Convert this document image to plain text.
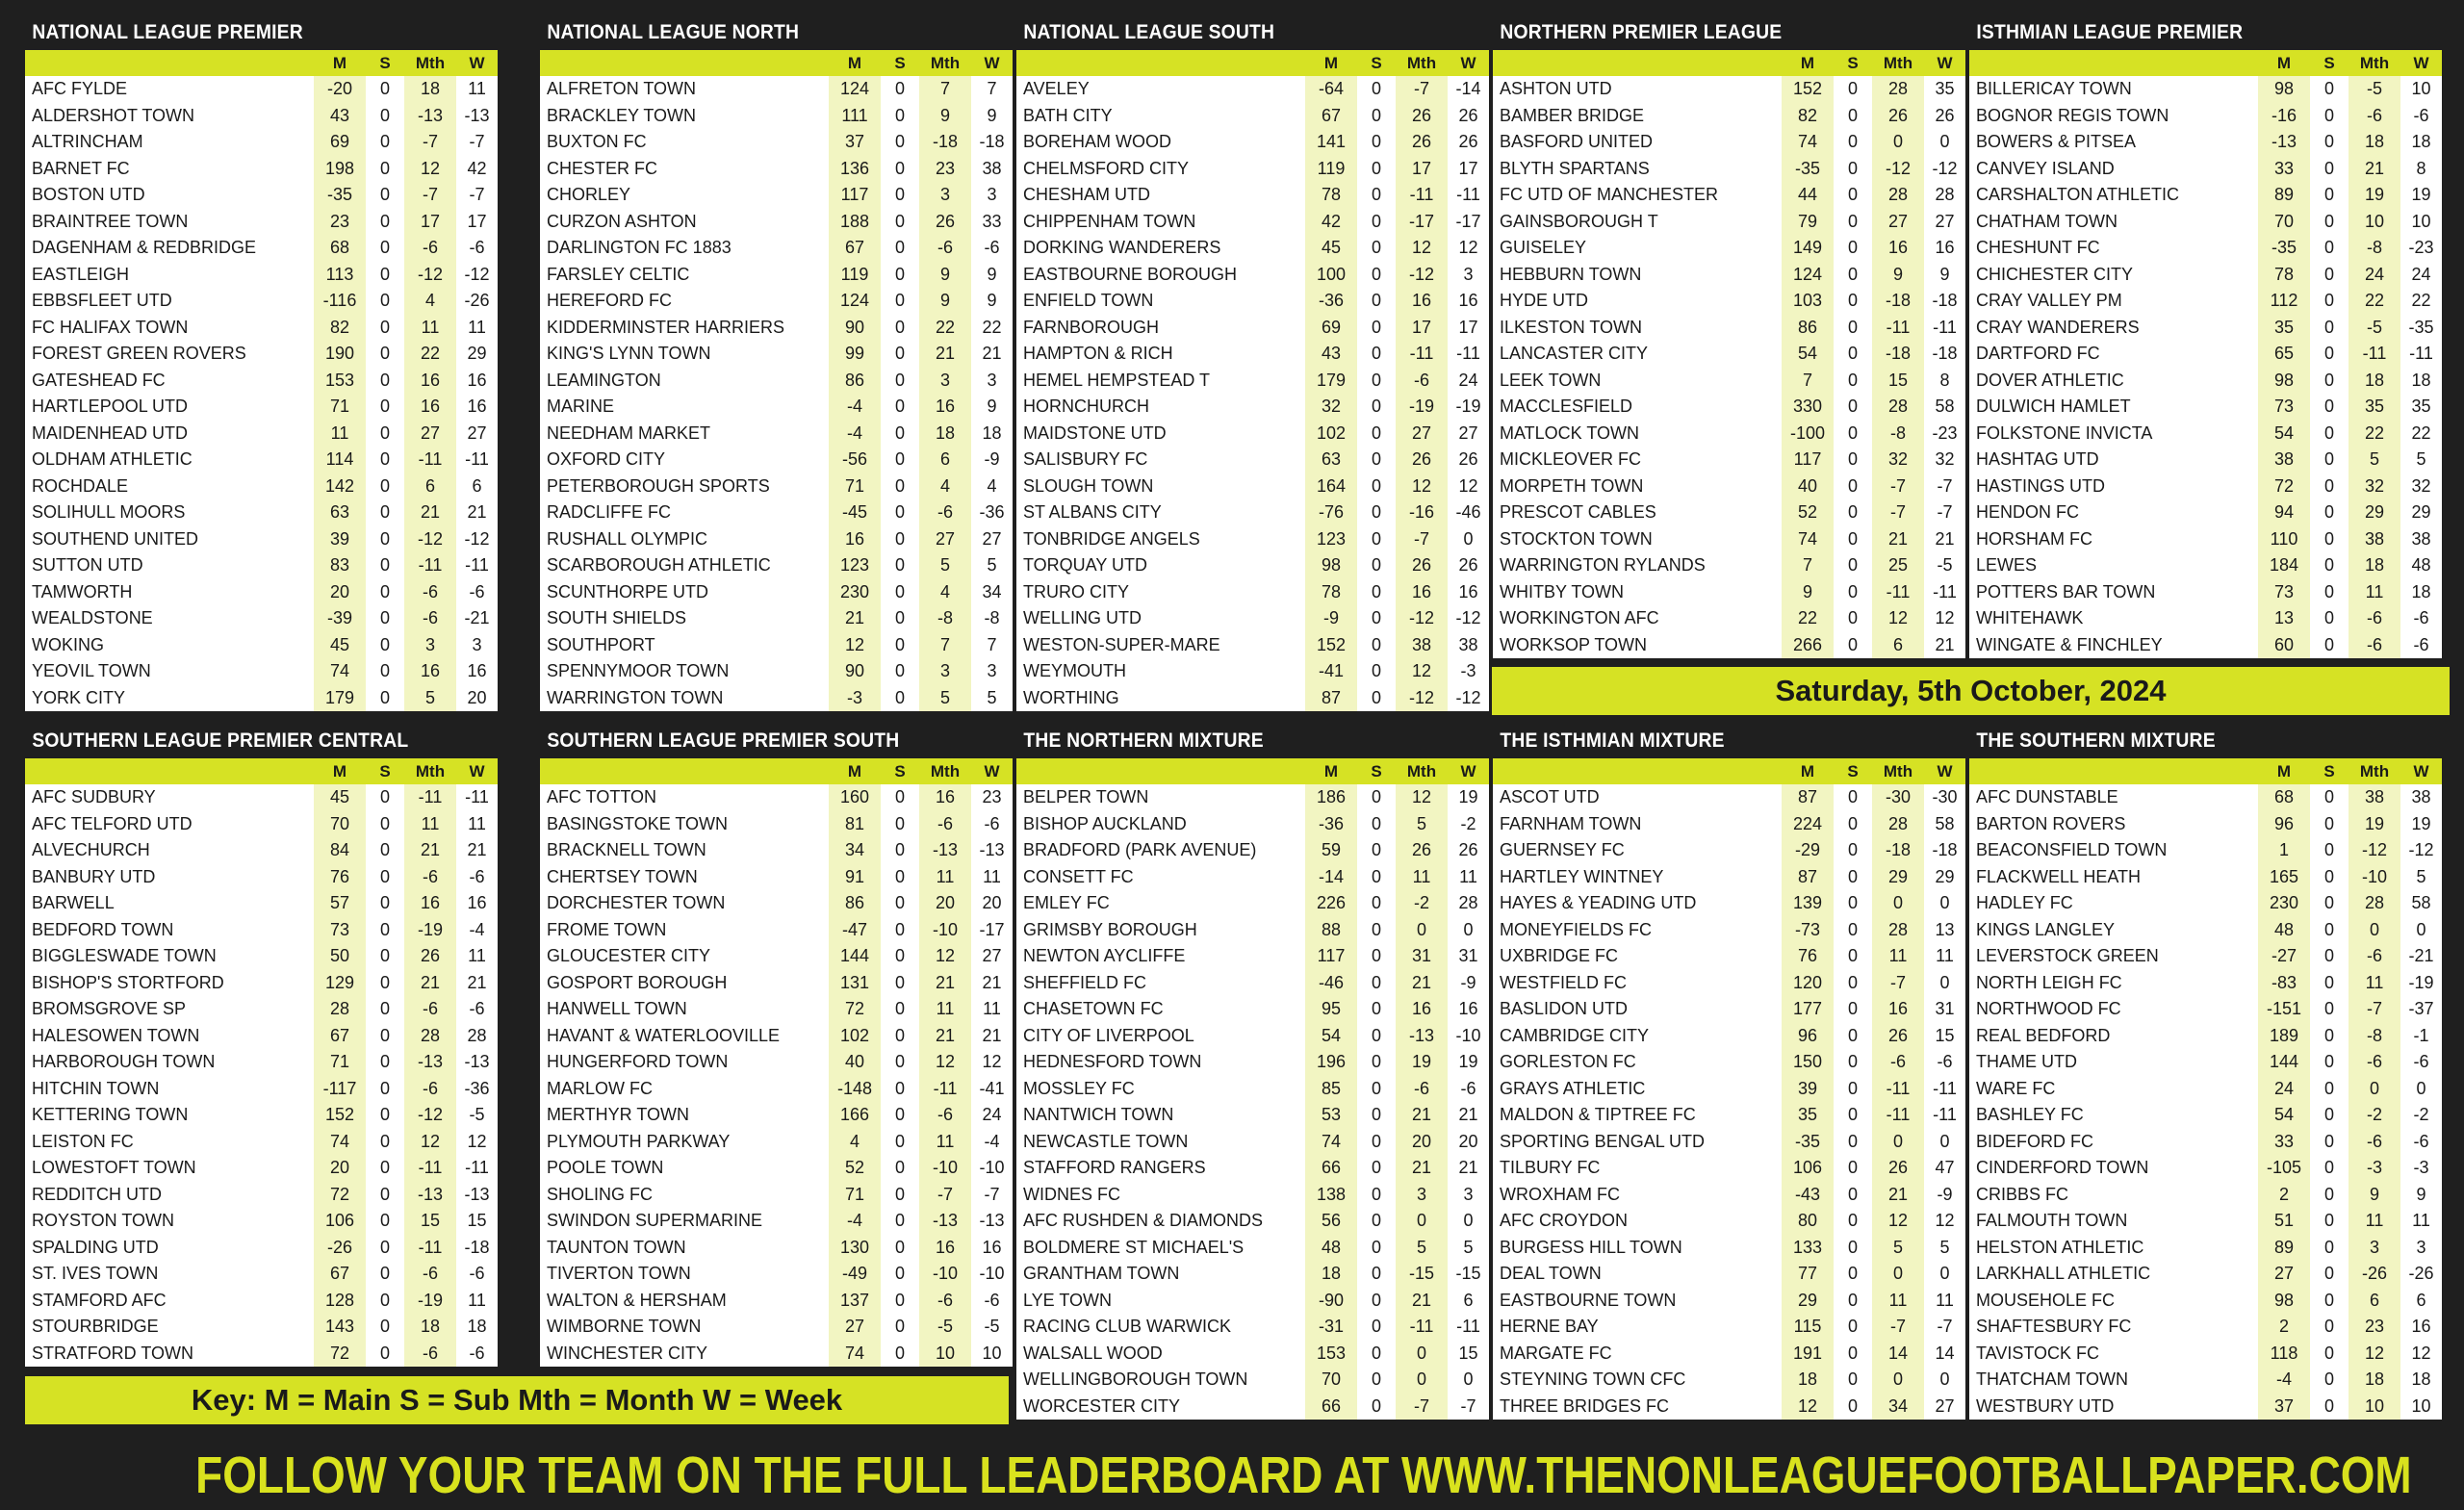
NATIONAL LEAGUE PREMIER
M	S	Mth	W
AFC FYLDE	-20	0	18	11
ALDERSHOT TOWN	43	0	-13	-13
ALTRINCHAM	69	0	-7	-7
BARNET FC	198	0	12	42
BOSTON UTD	-35	0	-7	-7
BRAINTREE TOWN	23	0	17	17
DAGENHAM & REDBRIDGE	68	0	-6	-6
EASTLEIGH	113	0	-12	-12
EBBSFLEET UTD	-116	0	4	-26
FC HALIFAX TOWN	82	0	11	11
FOREST GREEN ROVERS	190	0	22	29
GATESHEAD FC	153	0	16	16
HARTLEPOOL UTD	71	0	16	16
MAIDENHEAD UTD	11	0	27	27
OLDHAM ATHLETIC	114	0	-11	-11
ROCHDALE	142	0	6	6
SOLIHULL MOORS	63	0	21	21
SOUTHEND UNITED	39	0	-12	-12
SUTTON UTD	83	0	-11	-11
TAMWORTH	20	0	-6	-6
WEALDSTONE	-39	0	-6	-21
WOKING	45	0	3	3
YEOVIL TOWN	74	0	16	16
YORK CITY	179	0	5	20
NATIONAL LEAGUE NORTH
M	S	Mth	W
ALFRETON TOWN	124	0	7	7
BRACKLEY TOWN	111	0	9	9
BUXTON FC	37	0	-18	-18
CHESTER FC	136	0	23	38
CHORLEY	117	0	3	3
CURZON ASHTON	188	0	26	33
DARLINGTON FC 1883	67	0	-6	-6
FARSLEY CELTIC	119	0	9	9
HEREFORD FC	124	0	9	9
KIDDERMINSTER HARRIERS	90	0	22	22
KING'S LYNN TOWN	99	0	21	21
LEAMINGTON	86	0	3	3
MARINE	-4	0	16	9
NEEDHAM MARKET	-4	0	18	18
OXFORD CITY	-56	0	6	-9
PETERBOROUGH SPORTS	71	0	4	4
RADCLIFFE FC	-45	0	-6	-36
RUSHALL OLYMPIC	16	0	27	27
SCARBOROUGH ATHLETIC	123	0	5	5
SCUNTHORPE UTD	230	0	4	34
SOUTH SHIELDS	21	0	-8	-8
SOUTHPORT	12	0	7	7
SPENNYMOOR TOWN	90	0	3	3
WARRINGTON TOWN	-3	0	5	5
NATIONAL LEAGUE SOUTH
M	S	Mth	W
AVELEY	-64	0	-7	-14
BATH CITY	67	0	26	26
BOREHAM WOOD	141	0	26	26
CHELMSFORD CITY	119	0	17	17
CHESHAM UTD	78	0	-11	-11
CHIPPENHAM TOWN	42	0	-17	-17
DORKING WANDERERS	45	0	12	12
EASTBOURNE BOROUGH	100	0	-12	3
ENFIELD TOWN	-36	0	16	16
FARNBOROUGH	69	0	17	17
HAMPTON & RICH	43	0	-11	-11
HEMEL HEMPSTEAD T	179	0	-6	24
HORNCHURCH	32	0	-19	-19
MAIDSTONE UTD	102	0	27	27
SALISBURY FC	63	0	26	26
SLOUGH TOWN	164	0	12	12
ST ALBANS CITY	-76	0	-16	-46
TONBRIDGE ANGELS	123	0	-7	0
TORQUAY UTD	98	0	26	26
TRURO CITY	78	0	16	16
WELLING UTD	-9	0	-12	-12
WESTON-SUPER-MARE	152	0	38	38
WEYMOUTH	-41	0	12	-3
WORTHING	87	0	-12	-12
NORTHERN PREMIER LEAGUE
M	S	Mth	W
ASHTON UTD	152	0	28	35
BAMBER BRIDGE	82	0	26	26
BASFORD UNITED	74	0	0	0
BLYTH SPARTANS	-35	0	-12	-12
FC UTD OF MANCHESTER	44	0	28	28
GAINSBOROUGH T	79	0	27	27
GUISELEY	149	0	16	16
HEBBURN TOWN	124	0	9	9
HYDE UTD	103	0	-18	-18
ILKESTON TOWN	86	0	-11	-11
LANCASTER CITY	54	0	-18	-18
LEEK TOWN	7	0	15	8
MACCLESFIELD	330	0	28	58
MATLOCK TOWN	-100	0	-8	-23
MICKLEOVER FC	117	0	32	32
MORPETH TOWN	40	0	-7	-7
PRESCOT CABLES	52	0	-7	-7
STOCKTON TOWN	74	0	21	21
WARRINGTON RYLANDS	7	0	25	-5
WHITBY TOWN	9	0	-11	-11
WORKINGTON AFC	22	0	12	12
WORKSOP TOWN	266	0	6	21
ISTHMIAN LEAGUE PREMIER
M	S	Mth	W
BILLERICAY TOWN	98	0	-5	10
BOGNOR REGIS TOWN	-16	0	-6	-6
BOWERS & PITSEA	-13	0	18	18
CANVEY ISLAND	33	0	21	8
CARSHALTON ATHLETIC	89	0	19	19
CHATHAM TOWN	70	0	10	10
CHESHUNT FC	-35	0	-8	-23
CHICHESTER CITY	78	0	24	24
CRAY VALLEY PM	112	0	22	22
CRAY WANDERERS	35	0	-5	-35
DARTFORD FC	65	0	-11	-11
DOVER ATHLETIC	98	0	18	18
DULWICH HAMLET	73	0	35	35
FOLKSTONE INVICTA	54	0	22	22
HASHTAG UTD	38	0	5	5
HASTINGS UTD	72	0	32	32
HENDON FC	94	0	29	29
HORSHAM FC	110	0	38	38
LEWES	184	0	18	48
POTTERS BAR TOWN	73	0	11	18
WHITEHAWK	13	0	-6	-6
WINGATE & FINCHLEY	60	0	-6	-6
SOUTHERN LEAGUE PREMIER CENTRAL
M	S	Mth	W
AFC SUDBURY	45	0	-11	-11
AFC TELFORD UTD	70	0	11	11
ALVECHURCH	84	0	21	21
BANBURY UTD	76	0	-6	-6
BARWELL	57	0	16	16
BEDFORD TOWN	73	0	-19	-4
BIGGLESWADE TOWN	50	0	26	11
BISHOP'S STORTFORD	129	0	21	21
BROMSGROVE SP	28	0	-6	-6
HALESOWEN TOWN	67	0	28	28
HARBOROUGH TOWN	71	0	-13	-13
HITCHIN TOWN	-117	0	-6	-36
KETTERING TOWN	152	0	-12	-5
LEISTON FC	74	0	12	12
LOWESTOFT TOWN	20	0	-11	-11
REDDITCH UTD	72	0	-13	-13
ROYSTON TOWN	106	0	15	15
SPALDING UTD	-26	0	-11	-18
ST. IVES TOWN	67	0	-6	-6
STAMFORD AFC	128	0	-19	11
STOURBRIDGE	143	0	18	18
STRATFORD TOWN	72	0	-6	-6
SOUTHERN LEAGUE PREMIER SOUTH
M	S	Mth	W
AFC TOTTON	160	0	16	23
BASINGSTOKE TOWN	81	0	-6	-6
BRACKNELL TOWN	34	0	-13	-13
CHERTSEY TOWN	91	0	11	11
DORCHESTER TOWN	86	0	20	20
FROME TOWN	-47	0	-10	-17
GLOUCESTER CITY	144	0	12	27
GOSPORT BOROUGH	131	0	21	21
HANWELL TOWN	72	0	11	11
HAVANT & WATERLOOVILLE	102	0	21	21
HUNGERFORD TOWN	40	0	12	12
MARLOW FC	-148	0	-11	-41
MERTHYR TOWN	166	0	-6	24
PLYMOUTH PARKWAY	4	0	11	-4
POOLE TOWN	52	0	-10	-10
SHOLING FC	71	0	-7	-7
SWINDON SUPERMARINE	-4	0	-13	-13
TAUNTON TOWN	130	0	16	16
TIVERTON TOWN	-49	0	-10	-10
WALTON & HERSHAM	137	0	-6	-6
WIMBORNE TOWN	27	0	-5	-5
WINCHESTER CITY	74	0	10	10
THE NORTHERN MIXTURE
M	S	Mth	W
BELPER TOWN	186	0	12	19
BISHOP AUCKLAND	-36	0	5	-2
BRADFORD (PARK AVENUE)	59	0	26	26
CONSETT FC	-14	0	11	11
EMLEY FC	226	0	-2	28
GRIMSBY BOROUGH	88	0	0	0
NEWTON AYCLIFFE	117	0	31	31
SHEFFIELD FC	-46	0	21	-9
CHASETOWN FC	95	0	16	16
CITY OF LIVERPOOL	54	0	-13	-10
HEDNESFORD TOWN	196	0	19	19
MOSSLEY FC	85	0	-6	-6
NANTWICH TOWN	53	0	21	21
NEWCASTLE TOWN	74	0	20	20
STAFFORD RANGERS	66	0	21	21
WIDNES FC	138	0	3	3
AFC RUSHDEN & DIAMONDS	56	0	0	0
BOLDMERE ST MICHAEL'S	48	0	5	5
GRANTHAM TOWN	18	0	-15	-15
LYE TOWN	-90	0	21	6
RACING CLUB WARWICK	-31	0	-11	-11
WALSALL WOOD	153	0	0	15
WELLINGBOROUGH TOWN	70	0	0	0
WORCESTER CITY	66	0	-7	-7
THE ISTHMIAN MIXTURE
M	S	Mth	W
ASCOT UTD	87	0	-30	-30
FARNHAM TOWN	224	0	28	58
GUERNSEY FC	-29	0	-18	-18
HARTLEY WINTNEY	87	0	29	29
HAYES & YEADING UTD	139	0	0	0
MONEYFIELDS FC	-73	0	28	13
UXBRIDGE FC	76	0	11	11
WESTFIELD FC	120	0	-7	0
BASLIDON UTD	177	0	16	31
CAMBRIDGE CITY	96	0	26	15
GORLESTON FC	150	0	-6	-6
GRAYS ATHLETIC	39	0	-11	-11
MALDON & TIPTREE FC	35	0	-11	-11
SPORTING BENGAL UTD	-35	0	0	0
TILBURY FC	106	0	26	47
WROXHAM FC	-43	0	21	-9
AFC CROYDON	80	0	12	12
BURGESS HILL TOWN	133	0	5	5
DEAL TOWN	77	0	0	0
EASTBOURNE TOWN	29	0	11	11
HERNE BAY	115	0	-7	-7
MARGATE FC	191	0	14	14
STEYNING TOWN CFC	18	0	0	0
THREE BRIDGES FC	12	0	34	27
THE SOUTHERN MIXTURE
M	S	Mth	W
AFC DUNSTABLE	68	0	38	38
BARTON ROVERS	96	0	19	19
BEACONSFIELD TOWN	1	0	-12	-12
FLACKWELL HEATH	165	0	-10	5
HADLEY FC	230	0	28	58
KINGS LANGLEY	48	0	0	0
LEVERSTOCK GREEN	-27	0	-6	-21
NORTH LEIGH FC	-83	0	11	-19
NORTHWOOD FC	-151	0	-7	-37
REAL BEDFORD	189	0	-8	-1
THAME UTD	144	0	-6	-6
WARE FC	24	0	0	0
BASHLEY FC	54	0	-2	-2
BIDEFORD FC	33	0	-6	-6
CINDERFORD TOWN	-105	0	-3	-3
CRIBBS FC	2	0	9	9
FALMOUTH TOWN	51	0	11	11
HELSTON ATHLETIC	89	0	3	3
LARKHALL ATHLETIC	27	0	-26	-26
MOUSEHOLE FC	98	0	6	6
SHAFTESBURY FC	2	0	23	16
TAVISTOCK FC	118	0	12	12
THATCHAM TOWN	-4	0	18	18
WESTBURY UTD	37	0	10	10
Saturday, 5th October, 2024
Key: M = Main S = Sub Mth = Month W = Week
FOLLOW YOUR TEAM ON THE FULL LEADERBOARD AT WWW.THENONLEAGUEFOOTBALLPAPER.COM
